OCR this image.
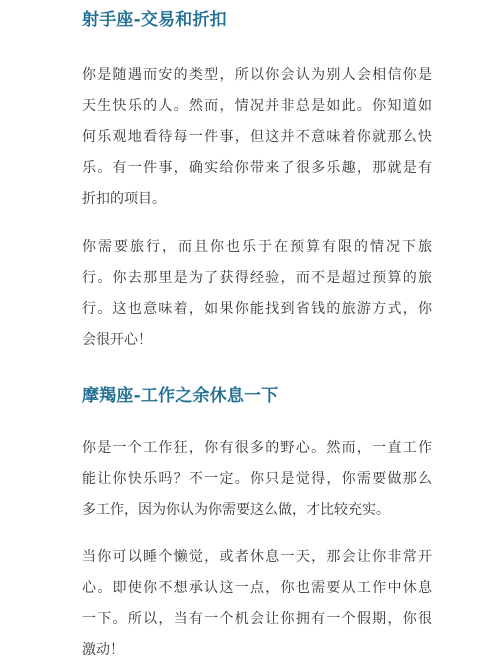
射手座-交易和折扣

你是随遇而安的类型，所以你会认为别人会相信你是
天生快乐的人。然而，情况并非总是如此。你知道如
何乐观地看待每一件事，但这并不意味着你就那么快
乐。有一件事，确实给你带来了很多乐趣，那就是有
折扣的项目。

你需要旅行，而且你也乐于在预算有限的情况下旅
行。你去那里是为了获得经验，而不是超过预算的旅
行。这也意味着，如果你能找到省钱的旅游方式，你
会很开心！

摩羯座-工作之余休息一下

你是一个工作狂，你有很多的野心。然而，一直工作
能让你快乐吗？不一定。你只是觉得，你需要做那么
多工作，因为你认为你需要这么做，才比较充实。

当你可以睡个懒觉，或者休息一天，那会让你非常开
心。即使你不想承认这一点，你也需要从工作中休息
一下。所以，当有一个机会让你拥有一个假期，你很
激动！
